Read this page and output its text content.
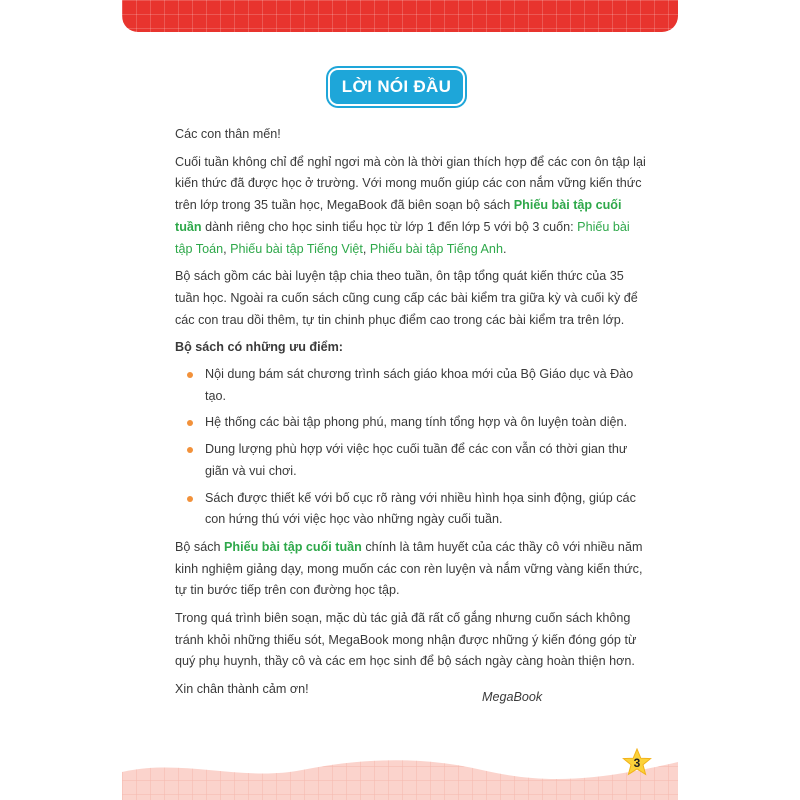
LỜI NÓI ĐẦU

Các con thân mến!

Cuối tuần không chỉ để nghỉ ngơi mà còn là thời gian thích hợp để các con ôn tập lại kiến thức đã được học ở trường. Với mong muốn giúp các con nắm vững kiến thức trên lớp trong 35 tuần học, MegaBook đã biên soạn bộ sách Phiếu bài tập cuối tuần dành riêng cho học sinh tiểu học từ lớp 1 đến lớp 5 với bộ 3 cuốn: Phiếu bài tập Toán, Phiếu bài tập Tiếng Việt, Phiếu bài tập Tiếng Anh.

Bộ sách gồm các bài luyện tập chia theo tuần, ôn tập tổng quát kiến thức của 35 tuần học. Ngoài ra cuốn sách cũng cung cấp các bài kiểm tra giữa kỳ và cuối kỳ để các con trau dồi thêm, tự tin chinh phục điểm cao trong các bài kiểm tra trên lớp.

Bộ sách có những ưu điểm:

Nội dung bám sát chương trình sách giáo khoa mới của Bộ Giáo dục và Đào tạo.
Hệ thống các bài tập phong phú, mang tính tổng hợp và ôn luyện toàn diện.
Dung lượng phù hợp với việc học cuối tuần để các con vẫn có thời gian thư giãn và vui chơi.
Sách được thiết kế với bố cục rõ ràng với nhiều hình họa sinh động, giúp các con hứng thú với việc học vào những ngày cuối tuần.

Bộ sách Phiếu bài tập cuối tuần chính là tâm huyết của các thầy cô với nhiều năm kinh nghiệm giảng dạy, mong muốn các con rèn luyện và nắm vững vàng kiến thức, tự tin bước tiếp trên con đường học tập.

Trong quá trình biên soạn, mặc dù tác giả đã rất cố gắng nhưng cuốn sách không tránh khỏi những thiếu sót, MegaBook mong nhận được những ý kiến đóng góp từ quý phụ huynh, thầy cô và các em học sinh để bộ sách ngày càng hoàn thiện hơn.

Xin chân thành cảm ơn!

MegaBook
3
